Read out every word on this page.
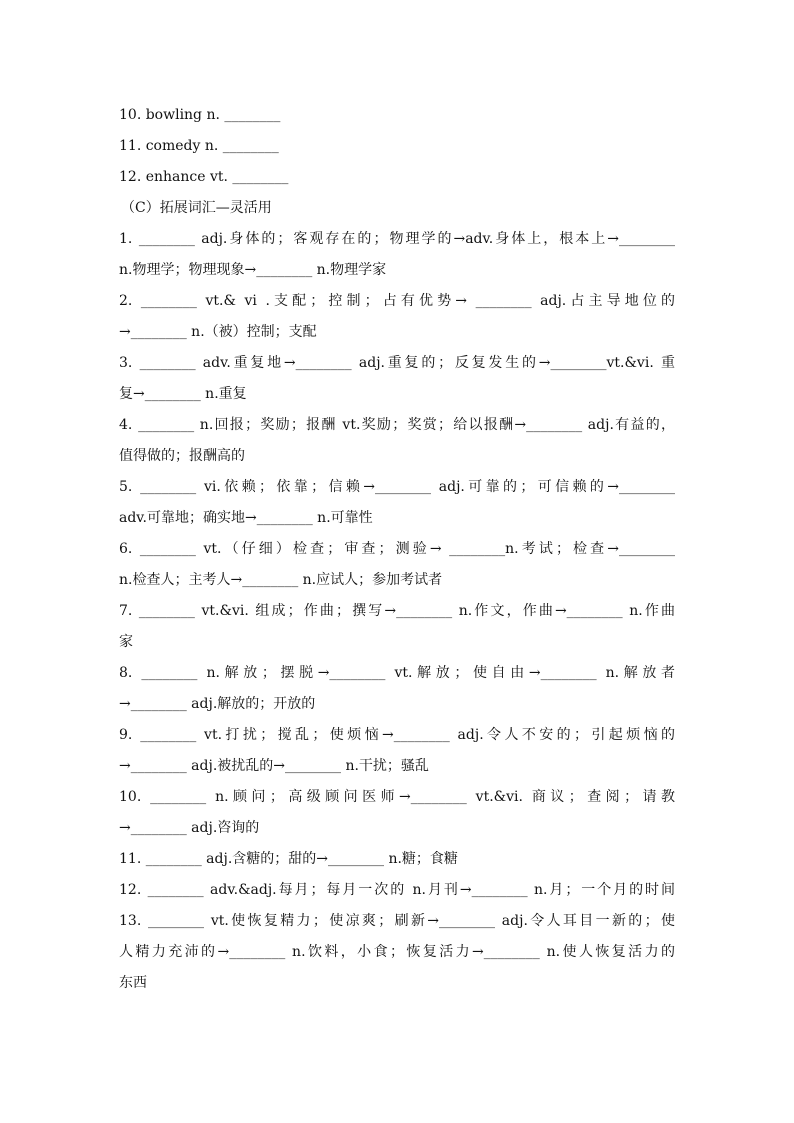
10. bowling n. ________
11. comedy n. ________
12. enhance vt. ________
（C）拓展词汇—灵活用
1. ________ adj.身体的；客观存在的；物理学的→adv.身体上，根本上→________
n.物理学；物理现象→________ n.物理学家
2. ________ vt.& vi .支配；控制；占有优势→ ________ adj.占主导地位的
→________ n.（被）控制；支配
3. ________ adv.重复地→________ adj.重复的；反复发生的→________vt.&vi. 重
复→________ n.重复
4. ________ n.回报；奖励；报酬 vt.奖励；奖赏；给以报酬→________ adj.有益的，
值得做的；报酬高的
5. ________ vi.依赖；依靠；信赖→________ adj.可靠的；可信赖的→________
adv.可靠地；确实地→________ n.可靠性
6. ________ vt.（仔细）检查；审查；测验→ ________n.考试；检查→________
n.检查人；主考人→________ n.应试人；参加考试者
7. ________ vt.&vi. 组成；作曲；撰写→________ n.作文，作曲→________ n.作曲
家
8. ________ n.解放；摆脱→________ vt.解放；使自由→________ n.解放者
→________ adj.解放的；开放的
9. ________ vt.打扰；搅乱；使烦恼→________ adj.令人不安的；引起烦恼的
→________ adj.被扰乱的→________ n.干扰；骚乱
10. ________ n.顾问；高级顾问医师→________ vt.&vi. 商议；查阅；请教
→________ adj.咨询的
11. ________ adj.含糖的；甜的→________ n.糖；食糖
12. ________ adv.&adj.每月；每月一次的 n.月刊→________ n.月；一个月的时间
13. ________ vt.使恢复精力；使凉爽；刷新→________ adj.令人耳目一新的；使
人精力充沛的→________ n.饮料，小食；恢复活力→________ n.使人恢复活力的
东西
